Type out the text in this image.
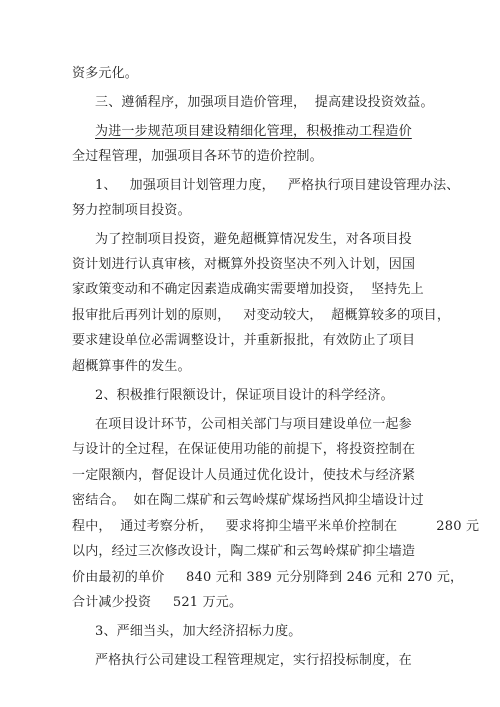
资多元化。
三、遵循程序，加强项目造价管理，  提高建设投资效益。
为进一步规范项目建设精细化管理，积极推动工程造价
全过程管理，加强项目各环节的造价控制。
1、   加强项目计划管理力度，   严格执行项目建设管理办法、
努力控制项目投资。
为了控制项目投资，避免超概算情况发生，对各项目投
资计划进行认真审核，对概算外投资坚决不列入计划，因国
家政策变动和不确定因素造成确实需要增加投资，  坚持先上
报审批后再列计划的原则，   对变动较大，  超概算较多的项目，
要求建设单位必需调整设计，并重新报批，有效防止了项目
超概算事件的发生。
2、积极推行限额设计，保证项目设计的科学经济。
在项目设计环节，公司相关部门与项目建设单位一起参
与设计的全过程，在保证使用功能的前提下，将投资控制在
一定限额内，督促设计人员通过优化设计，使技术与经济紧
密结合。  如在陶二煤矿和云驾岭煤矿煤场挡风抑尘墙设计过
程中，  通过考察分析，   要求将抑尘墙平米单价控制在         280 元
以内，经过三次修改设计，陶二煤矿和云驾岭煤矿抑尘墙造
价由最初的单价     840 元和 389 元分别降到 246 元和 270 元，
合计减少投资     521 万元。
3、严细当头，加大经济招标力度。
严格执行公司建设工程管理规定，实行招投标制度，在
